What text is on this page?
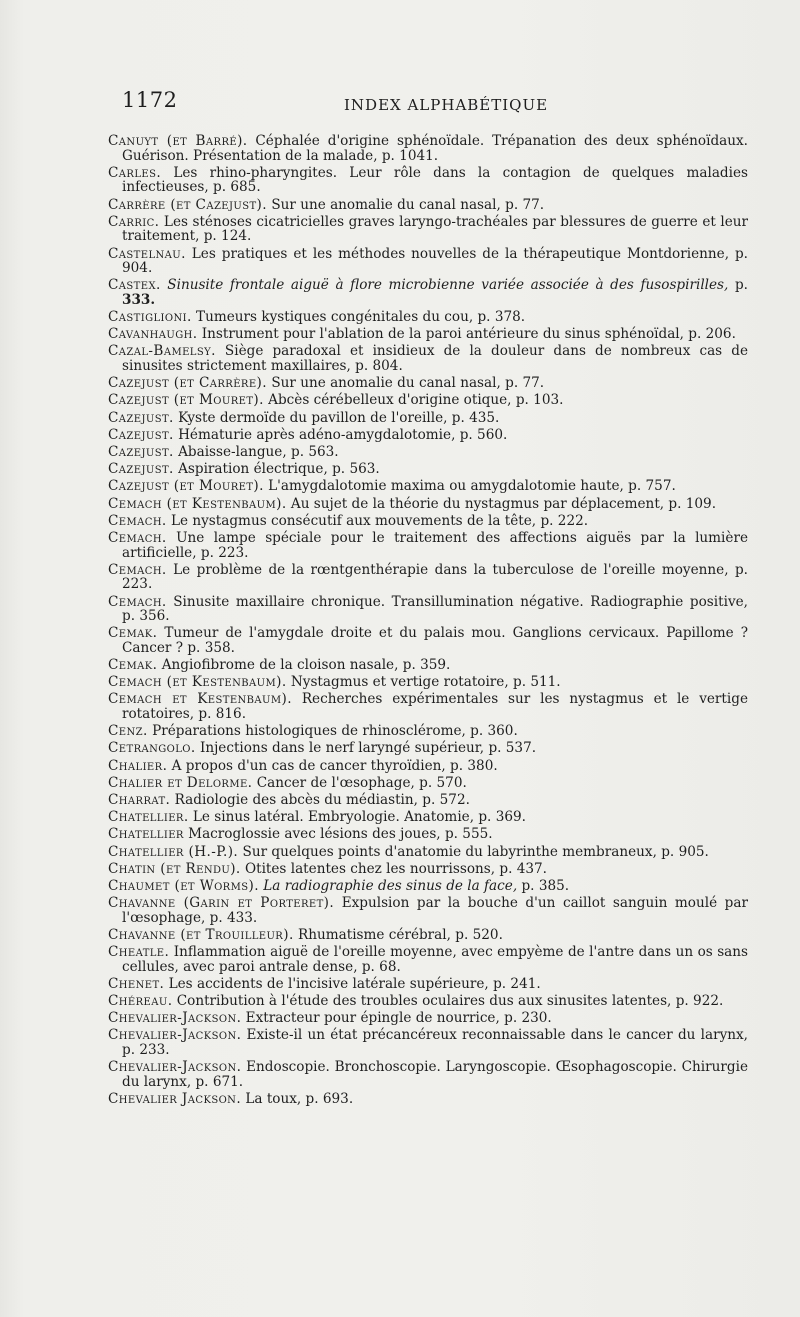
1172	INDEX ALPHABÉTIQUE

Canuyt (et Barré). Céphalée d'origine sphénoïdale. Trépanation des deux sphénoïdaux. Guérison. Présentation de la malade, p. 1041.

Carles. Les rhino-pharyngites. Leur rôle dans la contagion de quelques maladies infectieuses, p. 685.

Carrère (et Cazejust). Sur une anomalie du canal nasal, p. 77.

Carric. Les sténoses cicatricielles graves laryngo-trachéales par blessures de guerre et leur traitement, p. 124.

Castelnau. Les pratiques et les méthodes nouvelles de la thérapeutique Montdorienne, p. 904.

Castex. Sinusite frontale aiguë à flore microbienne variée associée à des fusospirilles, p. 333.

Castiglioni. Tumeurs kystiques congénitales du cou, p. 378.

Cavanhaugh. Instrument pour l'ablation de la paroi antérieure du sinus sphénoïdal, p. 206.

Cazal-Bamelsy. Siège paradoxal et insidieux de la douleur dans de nombreux cas de sinusites strictement maxillaires, p. 804.

Cazejust (et Carrère). Sur une anomalie du canal nasal, p. 77.

Cazejust (et Mouret). Abcès cérébelleux d'origine otique, p. 103.

Cazejust. Kyste dermoïde du pavillon de l'oreille, p. 435.

Cazejust. Hématurie après adéno-amygdalotomie, p. 560.

Cazejust. Abaisse-langue, p. 563.

Cazejust. Aspiration électrique, p. 563.

Cazejust (et Mouret). L'amygdalotomie maxima ou amygdalotomie haute, p. 757.

Cemach (et Kestenbaum). Au sujet de la théorie du nystagmus par déplacement, p. 109.

Cemach. Le nystagmus consécutif aux mouvements de la tête, p. 222.

Cemach. Une lampe spéciale pour le traitement des affections aiguës par la lumière artificielle, p. 223.

Cemach. Le problème de la rœntgenthérapie dans la tuberculose de l'oreille moyenne, p. 223.

Cemach. Sinusite maxillaire chronique. Transillumination négative. Radiographie positive, p. 356.

Cemak. Tumeur de l'amygdale droite et du palais mou. Ganglions cervicaux. Papillome ? Cancer ? p. 358.

Cemak. Angiofibrome de la cloison nasale, p. 359.

Cemach (et Kestenbaum). Nystagmus et vertige rotatoire, p. 511.

Cemach et Kestenbaum). Recherches expérimentales sur les nystagmus et le vertige rotatoires, p. 816.

Cenz. Préparations histologiques de rhinosclérome, p. 360.

Cetrangolo. Injections dans le nerf laryngé supérieur, p. 537.

Chalier. A propos d'un cas de cancer thyroïdien, p. 380.

Chalier et Delorme. Cancer de l'œsophage, p. 570.

Charrat. Radiologie des abcès du médiastin, p. 572.

Chatellier. Le sinus latéral. Embryologie. Anatomie, p. 369.

Chatellier Macroglossie avec lésions des joues, p. 555.

Chatellier (H.-P.). Sur quelques points d'anatomie du labyrinthe membraneux, p. 905.

Chatin (et Rendu). Otites latentes chez les nourrissons, p. 437.

Chaumet (et Worms). La radiographie des sinus de la face, p. 385.

Chavanne (Garin et Porteret). Expulsion par la bouche d'un caillot sanguin moulé par l'œsophage, p. 433.

Chavanne (et Trouilleur). Rhumatisme cérébral, p. 520.

Cheatle. Inflammation aiguë de l'oreille moyenne, avec empyème de l'antre dans un os sans cellules, avec paroi antrale dense, p. 68.

Chenet. Les accidents de l'incisive latérale supérieure, p. 241.

Chéreau. Contribution à l'étude des troubles oculaires dus aux sinusites latentes, p. 922.

Chevalier-Jackson. Extracteur pour épingle de nourrice, p. 230.

Chevalier-Jackson. Existe-il un état précancéreux reconnaissable dans le cancer du larynx, p. 233.

Chevalier-Jackson. Endoscopie. Bronchoscopie. Laryngoscopie. Œsophagoscopie. Chirurgie du larynx, p. 671.

Chevalier Jackson. La toux, p. 693.
